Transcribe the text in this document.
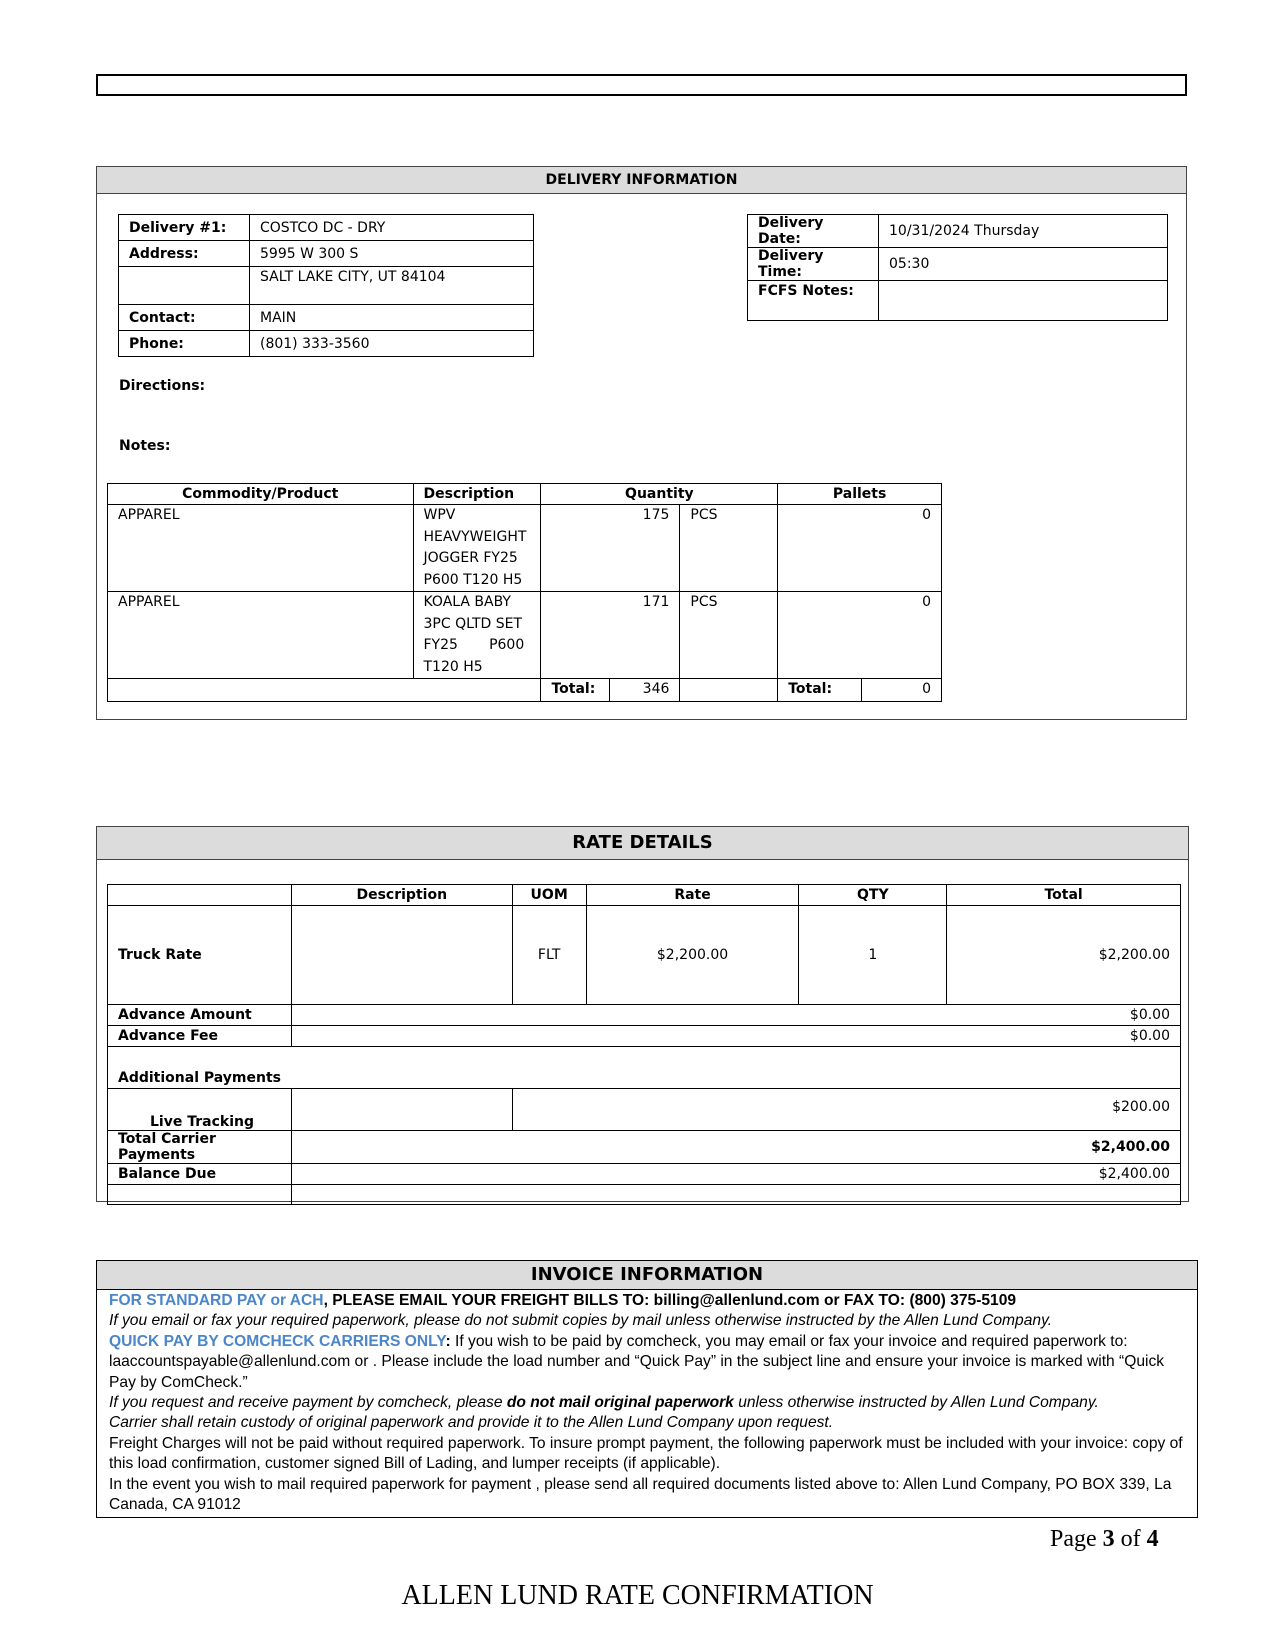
DELIVERY INFORMATION
Delivery #1:	COSTCO DC - DRY
Address:	5995 W 300 S
	SALT LAKE CITY, UT 84104
Contact:	MAIN
Phone:	(801) 333-3560
Delivery Date:	10/31/2024 Thursday
Delivery Time:	05:30
FCFS Notes:	
Directions:
Notes:
Commodity/Product	Description	Quantity			Pallets	
APPAREL	WPV
HEAVYWEIGHT
JOGGER FY25
P600 T120 H5	175		PCS	0	
APPAREL	KOALA BABY
3PC QLTD SET
FY25       P600
T120 H5	171		PCS	0	
		Total:	346		Total:	0
RATE DETAILS
	Description	UOM	Rate	QTY	Total
Truck Rate		FLT	$2,200.00	1	$2,200.00
Advance Amount	$0.00				
Advance Fee	$0.00				
Additional Payments					
Live Tracking		$200.00			
Total Carrier Payments	$2,400.00				
Balance Due	$2,400.00				

INVOICE INFORMATION
FOR STANDARD PAY or ACH, PLEASE EMAIL YOUR FREIGHT BILLS TO: billing@allenlund.com or FAX TO: (800) 375-5109
If you email or fax your required paperwork, please do not submit copies by mail unless otherwise instructed by the Allen Lund Company.
QUICK PAY BY COMCHECK CARRIERS ONLY: If you wish to be paid by comcheck, you may email or fax your invoice and required paperwork to: laaccountspayable@allenlund.com or . Please include the load number and “Quick Pay” in the subject line and ensure your invoice is marked with “Quick Pay by ComCheck.”
If you request and receive payment by comcheck, please do not mail original paperwork unless otherwise instructed by Allen Lund Company.
Carrier shall retain custody of original paperwork and provide it to the Allen Lund Company upon request.
Freight Charges will not be paid without required paperwork. To insure prompt payment, the following paperwork must be included with your invoice: copy of this load confirmation, customer signed Bill of Lading, and lumper receipts (if applicable).
In the event you wish to mail required paperwork for payment , please send all required documents listed above to: Allen Lund Company, PO BOX 339, La Canada, CA 91012
Page 3 of 4
ALLEN LUND RATE CONFIRMATION
